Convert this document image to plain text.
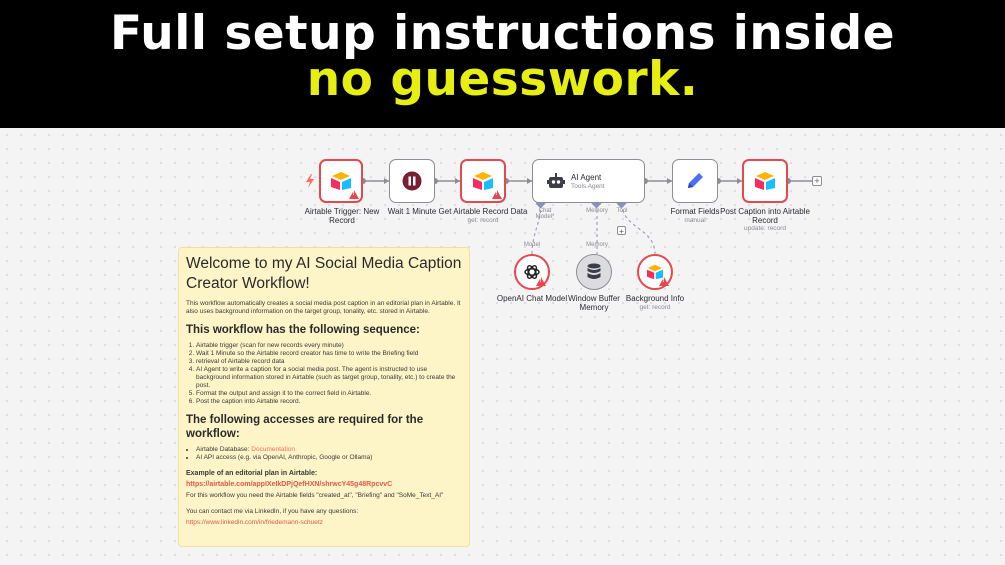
Full setup instructions inside
no guesswork.
!
Airtable Trigger: New Record
Wait 1 Minute
! Get Airtable Record Data
get: record
AI Agent
Tools Agent
Chat Model*
Memory	Tool
+
Format Fields
manual
Post Caption into Airtable Record
update: record
+
Model
!
OpenAI Chat Model
Memory
Window Buffer Memory
!
Background Info
get: record
Welcome to my AI Social Media Caption Creator Workflow!

This workflow automatically creates a social media post caption in an editorial plan in Airtable. It also uses background information on the target group, tonality, etc. stored in Airtable.

This workflow has the following sequence:
1. Airtable trigger (scan for new records every minute)
2. Wait 1 Minute so the Airtable record creator has time to write the Briefing field
3. retrieval of Airtable record data
4. AI Agent to write a caption for a social media post. The agent is instructed to use background information stored in Airtable (such as target group, tonality, etc.) to create the post.
5. Format the output and assign it to the correct field in Airtable.
6. Post the caption into Airtable record.
The following accesses are required for the workflow:
• Airtable Database: Documentation
• AI API access (e.g. via OpenAI, Anthropic, Google or Ollama)

Example of an editorial plan in Airtable:

https://airtable.com/appIXeIkDPjQefHXN/shrwcY45g48RpcvvC

For this workflow you need the Airtable fields "created_at", "Briefing" and "SoMe_Text_AI"

You can contact me via LinkedIn, if you have any questions:

https://www.linkedin.com/in/friedemann-schuetz
